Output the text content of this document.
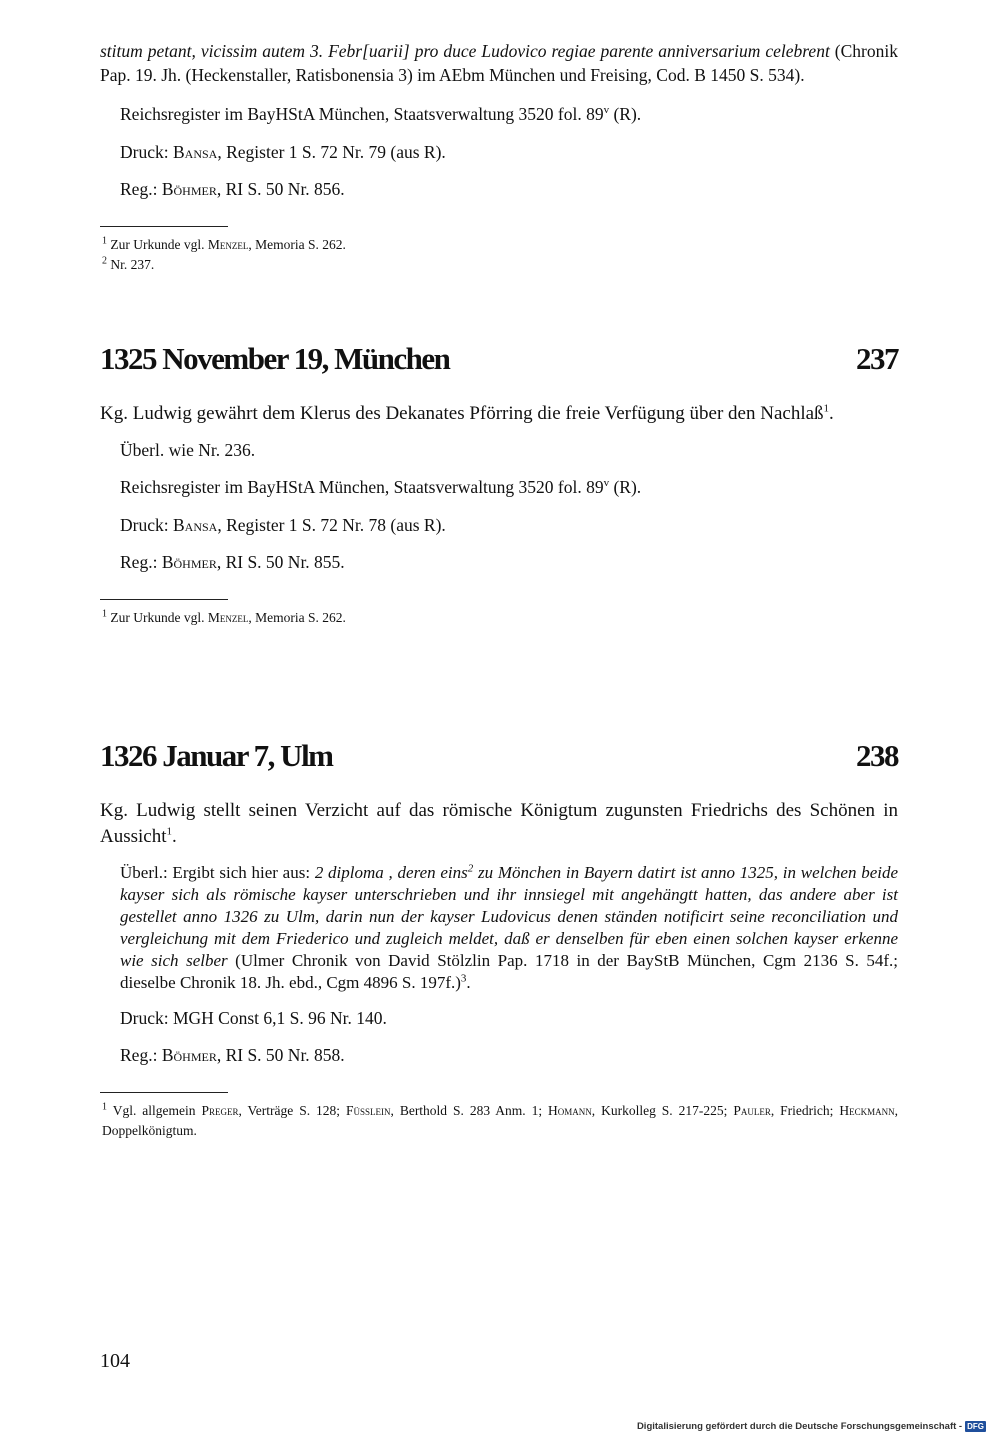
stitum petant, vicissim autem 3. Febr[uarii] pro duce Ludovico regiae parente anniversarium celebrent (Chronik Pap. 19. Jh. (Heckenstaller, Ratisbonensia 3) im AEbm München und Freising, Cod. B 1450 S. 534).

Reichsregister im BayHStA München, Staatsverwaltung 3520 fol. 89$^v$ (R).

Druck: Bansa, Register 1 S. 72 Nr. 79 (aus R).

Reg.: Böhmer, RI S. 50 Nr. 856.

$^1$ Zur Urkunde vgl. Menzel, Memoria S. 262.

$^2$ Nr. 237.

1325 November 19, München	237

Kg. Ludwig gewährt dem Klerus des Dekanates Pförring die freie Verfügung über den Nachlaß$^1$.

Überl. wie Nr. 236.

Reichsregister im BayHStA München, Staatsverwaltung 3520 fol. 89$^v$ (R).

Druck: Bansa, Register 1 S. 72 Nr. 78 (aus R).

Reg.: Böhmer, RI S. 50 Nr. 855.

$^1$ Zur Urkunde vgl. Menzel, Memoria S. 262.

1326 Januar 7, Ulm	238

Kg. Ludwig stellt seinen Verzicht auf das römische Königtum zugunsten Friedrichs des Schönen in Aussicht$^1$.

Überl.: Ergibt sich hier aus: 2 diploma , deren eins$^2$ zu Mönchen in Bayern datirt ist anno 1325, in welchen beide kayser sich als römische kayser unterschrieben und ihr innsiegel mit angehängtt hatten, das andere aber ist gestellet anno 1326 zu Ulm, darin nun der kayser Ludovicus denen ständen notificirt seine reconciliation und vergleichung mit dem Friederico und zugleich meldet, daß er denselben für eben einen solchen kayser erkenne wie sich selber (Ulmer Chronik von David Stölzlin Pap. 1718 in der BayStB München, Cgm 2136 S. 54f.; dieselbe Chronik 18. Jh. ebd., Cgm 4896 S. 197f.)$^3$.

Druck: MGH Const 6,1 S. 96 Nr. 140.

Reg.: Böhmer, RI S. 50 Nr. 858.

$^1$ Vgl. allgemein Preger, Verträge S. 128; Füsslein, Berthold S. 283 Anm. 1; Homann, Kurkolleg S. 217-225; Pauler, Friedrich; Heckmann, Doppelkönigtum.

104
Digitalisierung gefördert durch die Deutsche Forschungsgemeinschaft - DFG
